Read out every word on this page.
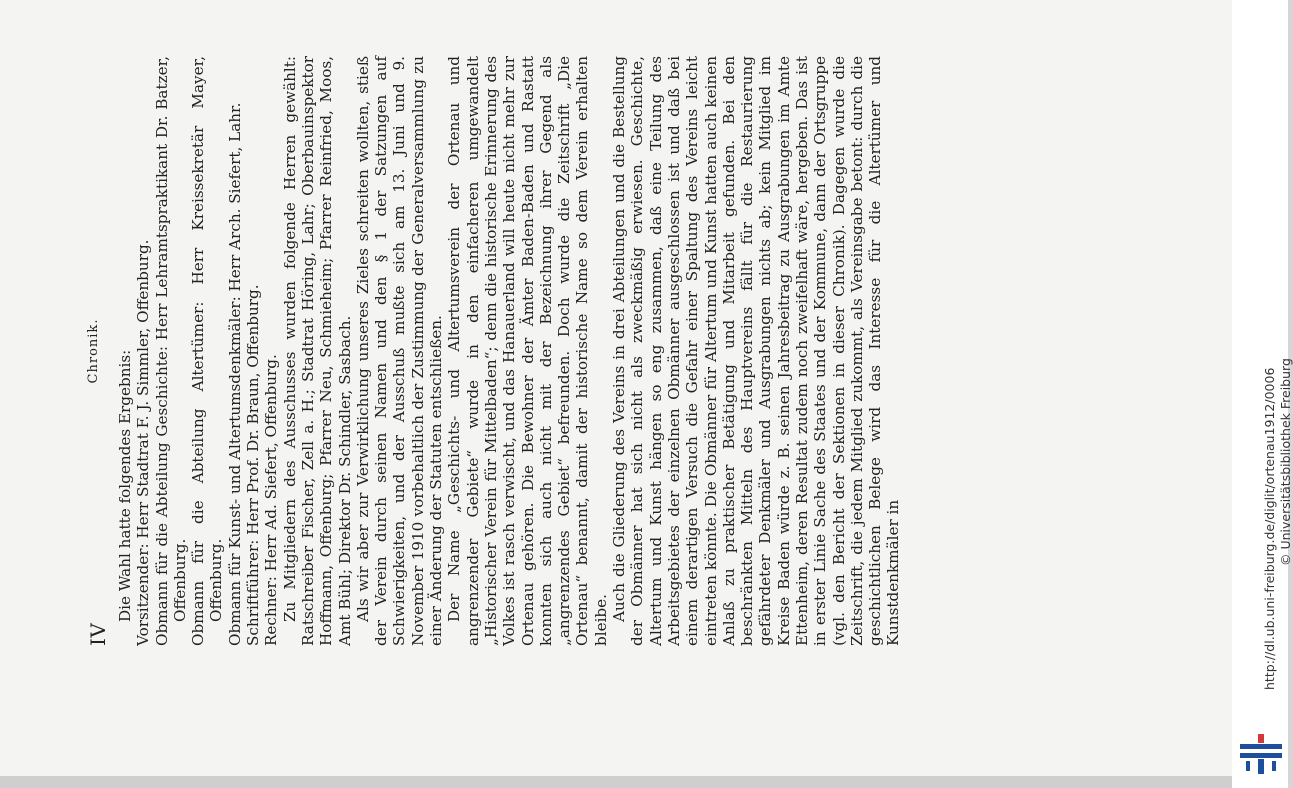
IV
Chronik. Die Wahl hatte folgendes Ergebnis: Vorsitzender: Herr Stadtrat F. J. Simmler, Offenburg. Obmann für die Abteilung Geschichte: Herr Lehramtspraktikant Dr. Batzer, Offenburg. Obmann für die Abteilung Altertümer: Herr Kreissekretär Mayer, Offenburg. Obmann für Kunst- und Altertumsdenkmäler: Herr Arch. Siefert, Lahr. Schriftführer: Herr Prof. Dr. Braun, Offenburg. Rechner: Herr Ad. Siefert, Offenburg. Zu Mitgliedern des Ausschusses wurden folgende Herren gewählt: Ratschreiber Fischer, Zell a. H.; Stadtrat Höring, Lahr; Oberbauinspektor Hoffmann, Offenburg; Pfarrer Neu, Schmieheim; Pfarrer Reinfried, Moos, Amt Bühl; Direktor Dr. Schindler, Sasbach. Als wir aber zur Verwirklichung unseres Zieles schreiten wollten, stieß der Verein durch seinen Namen und den § 1 der Satzungen auf Schwierigkeiten, und der Ausschuß mußte sich am 13. Juni und 9. November 1910 vorbehaltlich der Zustimmung der Generalversammlung zu einer Änderung der Statuten entschließen. Der Name „Geschichts- und Altertumsverein der Ortenau und angrenzender Gebiete“ wurde in den einfacheren umgewandelt „Historischer Verein für Mittelbaden“; denn die historische Erinnerung des Volkes ist rasch verwischt, und das Hanauerland will heute nicht mehr zur Ortenau gehören. Die Bewohner der Ämter Baden-Baden und Rastatt konnten sich auch nicht mit der Bezeichnung ihrer Gegend als „angrenzendes Gebiet“ befreunden. Doch wurde die Zeitschrift „Die Ortenau“ benannt, damit der historische Name so dem Verein erhalten bleibe. Auch die Gliederung des Vereins in drei Abteilungen und die Bestellung der Obmänner hat sich nicht als zweckmäßig erwiesen. Geschichte, Altertum und Kunst hängen so eng zusammen, daß eine Teilung des Arbeitsgebietes der einzelnen Obmänner ausgeschlossen ist und daß bei einem derartigen Versuch die Gefahr einer Spaltung des Vereins leicht eintreten könnte. Die Obmänner für Altertum und Kunst hatten auch keinen Anlaß zu praktischer Betätigung und Mitarbeit gefunden. Bei den beschränkten Mitteln des Hauptvereins fällt für die Restaurierung gefährdeter Denkmäler und Ausgrabungen nichts ab; kein Mitglied im Kreise Baden würde z. B. seinen Jahresbeitrag zu Ausgrabungen im Amte Ettenheim, deren Resultat zudem noch zweifelhaft wäre, hergeben. Das ist in erster Linie Sache des Staates und der Kommune, dann der Ortsgruppe (vgl. den Bericht der Sektionen in dieser Chronik). Dagegen wurde die Zeitschrift, die jedem Mitglied zukommt, als Vereinsgabe betont: durch die geschichtlichen Belege wird das Interesse für die Altertümer und Kunstdenkmäler in	http://dl.ub.uni-freiburg.de/diglit/ortenau1912/0006 © Universitätsbibliothek Freiburg
